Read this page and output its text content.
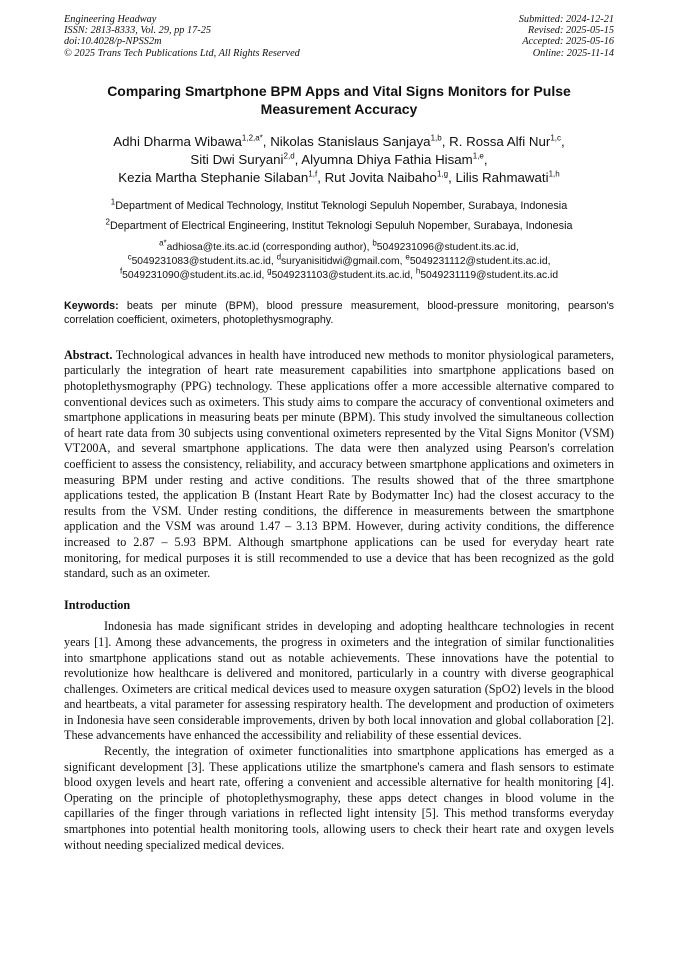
Engineering Headway
ISSN: 2813-8333, Vol. 29, pp 17-25
doi:10.4028/p-NPSS2m
© 2025 Trans Tech Publications Ltd, All Rights Reserved
Submitted: 2024-12-21
Revised: 2025-05-15
Accepted: 2025-05-16
Online: 2025-11-14
Comparing Smartphone BPM Apps and Vital Signs Monitors for Pulse Measurement Accuracy
Adhi Dharma Wibawa$^{1,2,a*}$, Nikolas Stanislaus Sanjaya$^{1,b}$, R. Rossa Alfi Nur$^{1,c}$,
Siti Dwi Suryani$^{2,d}$, Alyumna Dhiya Fathia Hisam$^{1,e}$,
Kezia Martha Stephanie Silaban$^{1,f}$, Rut Jovita Naibaho$^{1,g}$, Lilis Rahmawati$^{1,h}$
$^1$Department of Medical Technology, Institut Teknologi Sepuluh Nopember, Surabaya, Indonesia
$^2$Department of Electrical Engineering, Institut Teknologi Sepuluh Nopember, Surabaya, Indonesia
$^{a*}$adhiosa@te.its.ac.id (corresponding author), $^b$5049231096@student.its.ac.id,
$^c$5049231083@student.its.ac.id, $^d$suryanisitidwi@gmail.com, $^e$5049231112@student.its.ac.id,
$^f$5049231090@student.its.ac.id, $^g$5049231103@student.its.ac.id, $^h$5049231119@student.its.ac.id
Keywords: beats per minute (BPM), blood pressure measurement, blood-pressure monitoring, pearson's correlation coefficient, oximeters, photoplethysmography.
Abstract. Technological advances in health have introduced new methods to monitor physiological parameters, particularly the integration of heart rate measurement capabilities into smartphone applications based on photoplethysmography (PPG) technology. These applications offer a more accessible alternative compared to conventional devices such as oximeters. This study aims to compare the accuracy of conventional oximeters and smartphone applications in measuring beats per minute (BPM). This study involved the simultaneous collection of heart rate data from 30 subjects using conventional oximeters represented by the Vital Signs Monitor (VSM) VT200A, and several smartphone applications. The data were then analyzed using Pearson's correlation coefficient to assess the consistency, reliability, and accuracy between smartphone applications and oximeters in measuring BPM under resting and active conditions. The results showed that of the three smartphone applications tested, the application B (Instant Heart Rate by Bodymatter Inc) had the closest accuracy to the results from the VSM. Under resting conditions, the difference in measurements between the smartphone application and the VSM was around 1.47 – 3.13 BPM. However, during activity conditions, the difference increased to 2.87 – 5.93 BPM. Although smartphone applications can be used for everyday heart rate monitoring, for medical purposes it is still recommended to use a device that has been recognized as the gold standard, such as an oximeter.
Introduction

Indonesia has made significant strides in developing and adopting healthcare technologies in recent years [1]. Among these advancements, the progress in oximeters and the integration of similar functionalities into smartphone applications stand out as notable achievements. These innovations have the potential to revolutionize how healthcare is delivered and monitored, particularly in a country with diverse geographical challenges. Oximeters are critical medical devices used to measure oxygen saturation (SpO2) levels in the blood and heartbeats, a vital parameter for assessing respiratory health. The development and production of oximeters in Indonesia have seen considerable improvements, driven by both local innovation and global collaboration [2]. These advancements have enhanced the accessibility and reliability of these essential devices.

Recently, the integration of oximeter functionalities into smartphone applications has emerged as a significant development [3]. These applications utilize the smartphone's camera and flash sensors to estimate blood oxygen levels and heart rate, offering a convenient and accessible alternative for health monitoring [4]. Operating on the principle of photoplethysmography, these apps detect changes in blood volume in the capillaries of the finger through variations in reflected light intensity [5]. This method transforms everyday smartphones into potential health monitoring tools, allowing users to check their heart rate and oxygen levels without needing specialized medical devices.
